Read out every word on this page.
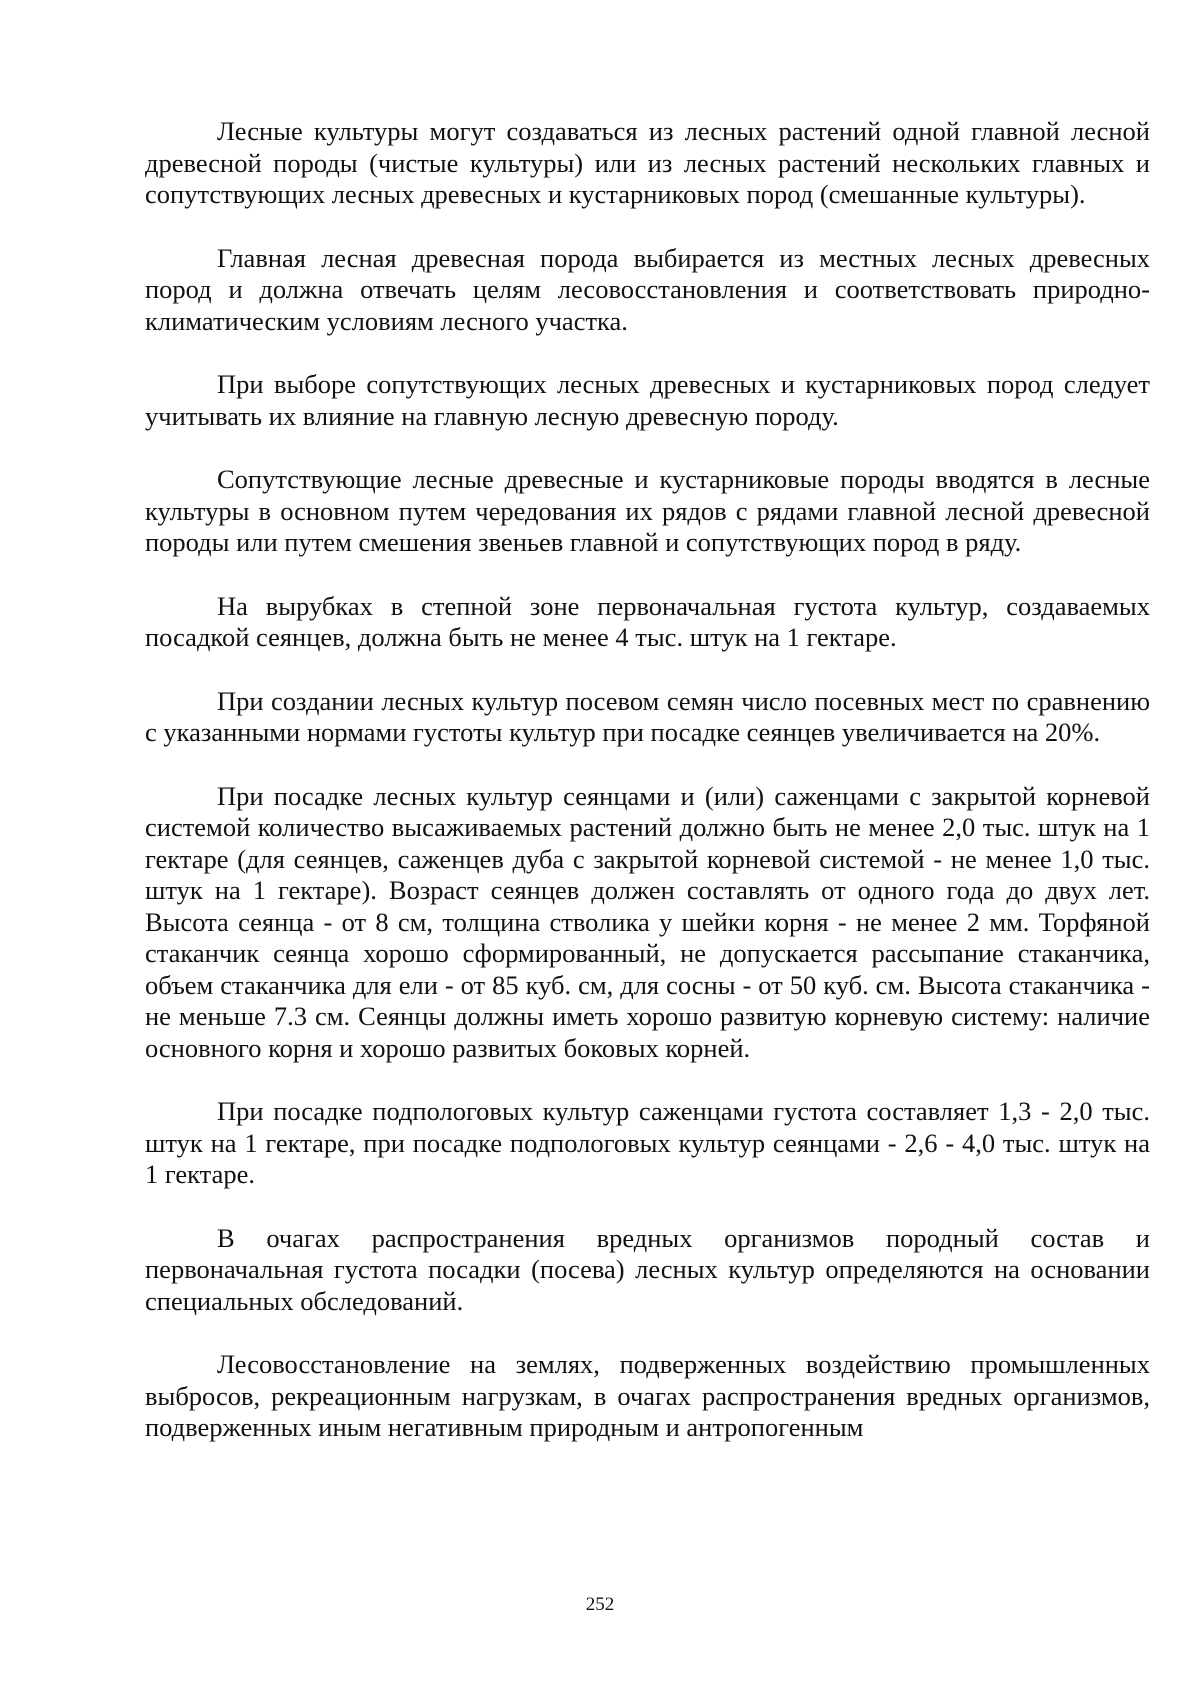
Лесные культуры могут создаваться из лесных растений одной главной лесной древесной породы (чистые культуры) или из лесных растений нескольких главных и сопутствующих лесных древесных и кустарниковых пород (смешанные культуры).

Главная лесная древесная порода выбирается из местных лесных древесных пород и должна отвечать целям лесовосстановления и соответствовать природно-климатическим условиям лесного участка.

При выборе сопутствующих лесных древесных и кустарниковых пород следует учитывать их влияние на главную лесную древесную породу.

Сопутствующие лесные древесные и кустарниковые породы вводятся в лесные культуры в основном путем чередования их рядов с рядами главной лесной древесной породы или путем смешения звеньев главной и сопутствующих пород в ряду.

На вырубках в степной зоне первоначальная густота культур, создаваемых посадкой сеянцев, должна быть не менее 4 тыс. штук на 1 гектаре.

При создании лесных культур посевом семян число посевных мест по сравнению с указанными нормами густоты культур при посадке сеянцев увеличивается на 20%.

При посадке лесных культур сеянцами и (или) саженцами с закрытой корневой системой количество высаживаемых растений должно быть не менее 2,0 тыс. штук на 1 гектаре (для сеянцев, саженцев дуба с закрытой корневой системой - не менее 1,0 тыс. штук на 1 гектаре). Возраст сеянцев должен составлять от одного года до двух лет. Высота сеянца - от 8 см, толщина стволика у шейки корня - не менее 2 мм. Торфяной стаканчик сеянца хорошо сформированный, не допускается рассыпание стаканчика, объем стаканчика для ели - от 85 куб. см, для сосны - от 50 куб. см. Высота стаканчика - не меньше 7.3 см. Сеянцы должны иметь хорошо развитую корневую систему: наличие основного корня и хорошо развитых боковых корней.

При посадке подпологовых культур саженцами густота составляет 1,3 - 2,0 тыс. штук на 1 гектаре, при посадке подпологовых культур сеянцами - 2,6 - 4,0 тыс. штук на 1 гектаре.

В очагах распространения вредных организмов породный состав и первоначальная густота посадки (посева) лесных культур определяются на основании специальных обследований.

Лесовосстановление на землях, подверженных воздействию промышленных выбросов, рекреационным нагрузкам, в очагах распространения вредных организмов, подверженных иным негативным природным и антропогенным

252
